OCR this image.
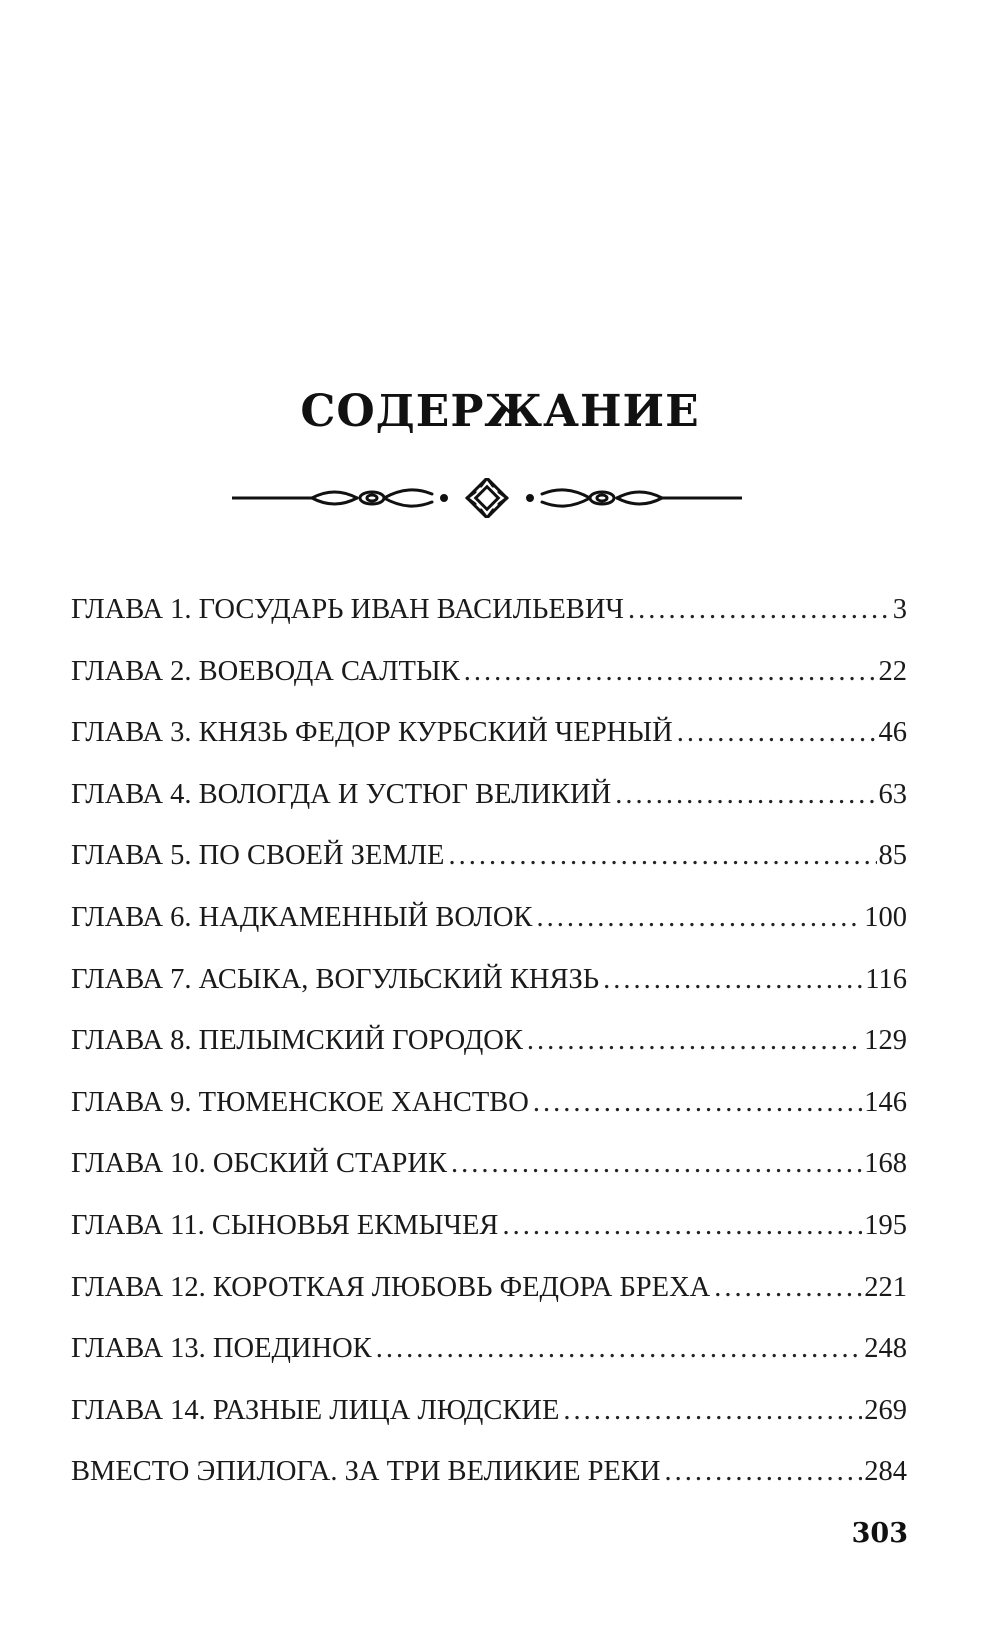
СОДЕРЖАНИЕ
ГЛАВА 1. ГОСУДАРЬ ИВАН ВАСИЛЬЕВИЧ .....	3
ГЛАВА 2. ВОЕВОДА САЛТЫК .....	22
ГЛАВА 3. КНЯЗЬ ФЕДОР КУРБСКИЙ ЧЕРНЫЙ .....	46
ГЛАВА 4. ВОЛОГДА И УСТЮГ ВЕЛИКИЙ .....	63
ГЛАВА 5. ПО СВОЕЙ ЗЕМЛЕ .....	85
ГЛАВА 6. НАДКАМЕННЫЙ ВОЛОК .....	100
ГЛАВА 7. АСЫКА, ВОГУЛЬСКИЙ КНЯЗЬ .....	116
ГЛАВА 8. ПЕЛЫМСКИЙ ГОРОДОК .....	129
ГЛАВА 9. ТЮМЕНСКОЕ ХАНСТВО .....	146
ГЛАВА 10. ОБСКИЙ СТАРИК .....	168
ГЛАВА 11. СЫНОВЬЯ ЕКМЫЧЕЯ .....	195
ГЛАВА 12. КОРОТКАЯ ЛЮБОВЬ ФЕДОРА БРЕХА .....	221
ГЛАВА 13. ПОЕДИНОК .....	248
ГЛАВА 14. РАЗНЫЕ ЛИЦА ЛЮДСКИЕ .....	269
ВМЕСТО ЭПИЛОГА. ЗА ТРИ ВЕЛИКИЕ РЕКИ .....	284
303
